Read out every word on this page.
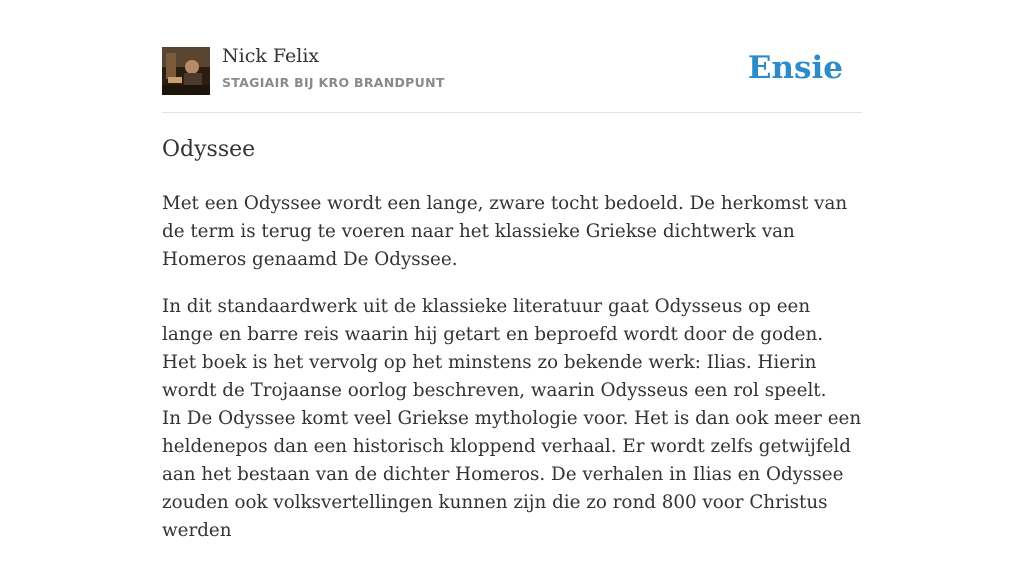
Nick Felix
STAGIAIR BIJ KRO BRANDPUNT	Ensie
Odyssee

Met een Odyssee wordt een lange, zware tocht bedoeld. De herkomst van de term is terug te voeren naar het klassieke Griekse dichtwerk van Homeros genaamd De Odyssee.

In dit standaardwerk uit de klassieke literatuur gaat Odysseus op een lange en barre reis waarin hij getart en beproefd wordt door de goden. Het boek is het vervolg op het minstens zo bekende werk: Ilias. Hierin wordt de Trojaanse oorlog beschreven, waarin Odysseus een rol speelt.
In De Odyssee komt veel Griekse mythologie voor. Het is dan ook meer een heldenepos dan een historisch kloppend verhaal. Er wordt zelfs getwijfeld aan het bestaan van de dichter Homeros. De verhalen in Ilias en Odyssee zouden ook volksvertellingen kunnen zijn die zo rond 800 voor Christus werden
